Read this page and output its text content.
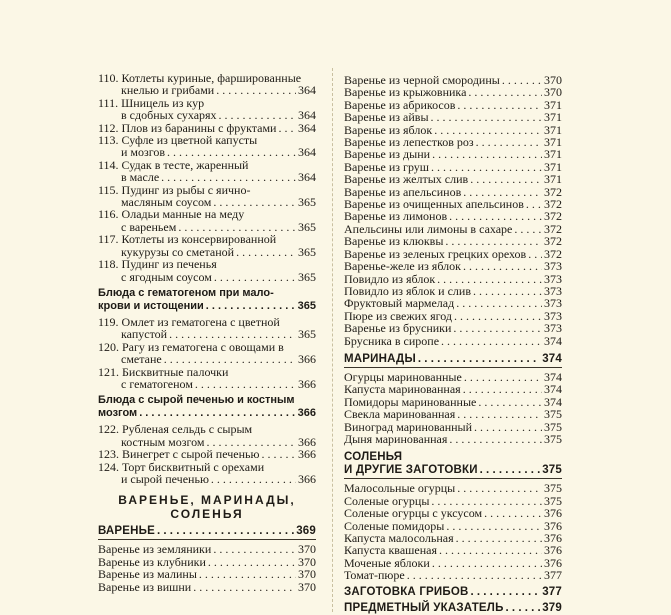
110. Котлеты куриные, фаршированные
кнелью и грибами . . .	364
111. Шницель из кур
в сдобных сухарях . . .	364
112. Плов из баранины с фруктами . . . 364
113. Суфле из цветной капусты
и мозгов . . .	364
114. Судак в тесте, жаренный
в масле . . .	364
115. Пудинг из рыбы с яично-
масляным соусом . . .	365
116. Оладьи манные на меду
с вареньем . . .	365
117. Котлеты из консервированной
кукурузы со сметаной . . .	365
118. Пудинг из печенья
с ягодным соусом . . .	365
Блюда с гематогеном при мало-
крови и истощении . . .	365
119. Омлет из гематогена с цветной
капустой . . .	365
120. Рагу из гематогена с овощами в
сметане . . .	366
121. Бисквитные палочки
с гематогеном . . .	366
Блюда с сырой печенью и костным
мозгом . . .	366
122. Рубленая сельдь с сырым
костным мозгом . . .	366
123. Винегрет с сырой печенью . . .	366
124. Торт бисквитный с орехами
и сырой печенью . . .	366
ВАРЕНЬЕ, МАРИНАДЫ,
СОЛЕНЬЯ
ВАРЕНЬЕ . . .	369
Варенье из земляники . . .	370
Варенье из клубники . . .	370
Варенье из малины . . .	370
Варенье из вишни . . .	370
Варенье из черной смородины . . .	370
Варенье из крыжовника . . .	370
Варенье из абрикосов . . .	371
Варенье из айвы . . .	371
Варенье из яблок . . .	371
Варенье из лепестков роз . . .	371
Варенье из дыни . . .	371
Варенье из груш . . .	371
Варенье из желтых слив . . .	371
Варенье из апельсинов . . .	372
Варенье из очищенных апельсинов . . . 372
Варенье из лимонов . . .	372
Апельсины или лимоны в сахаре . . .	372
Варенье из клюквы . . .	372
Варенье из зеленых грецких орехов . . . 372
Варенье-желе из яблок . . .	373
Повидло из яблок . . .	373
Повидло из яблок и слив . . .	373
Фруктовый мармелад . . .	373
Пюре из свежих ягод . . .	373
Варенье из брусники . . .	373
Брусника в сиропе . . .	374
МАРИНАДЫ . . .	374
Огурцы маринованные . . .	374
Капуста маринованная . . .	374
Помидоры маринованные . . .	374
Свекла маринованная . . .	375
Виноград маринованный . . .	375
Дыня маринованная . . .	375
СОЛЕНЬЯ
И ДРУГИЕ ЗАГОТОВКИ . . .	375
Малосольные огурцы . . .	375
Соленые огурцы . . .	375
Соленые огурцы с уксусом . . .	376
Соленые помидоры . . .	376
Капуста малосольная . . .	376
Капуста квашеная . . .	376
Моченые яблоки . . .	376
Томат-пюре . . .	377
ЗАГОТОВКА ГРИБОВ . . .	377
ПРЕДМЕТНЫЙ УКАЗАТЕЛЬ . . .	379
